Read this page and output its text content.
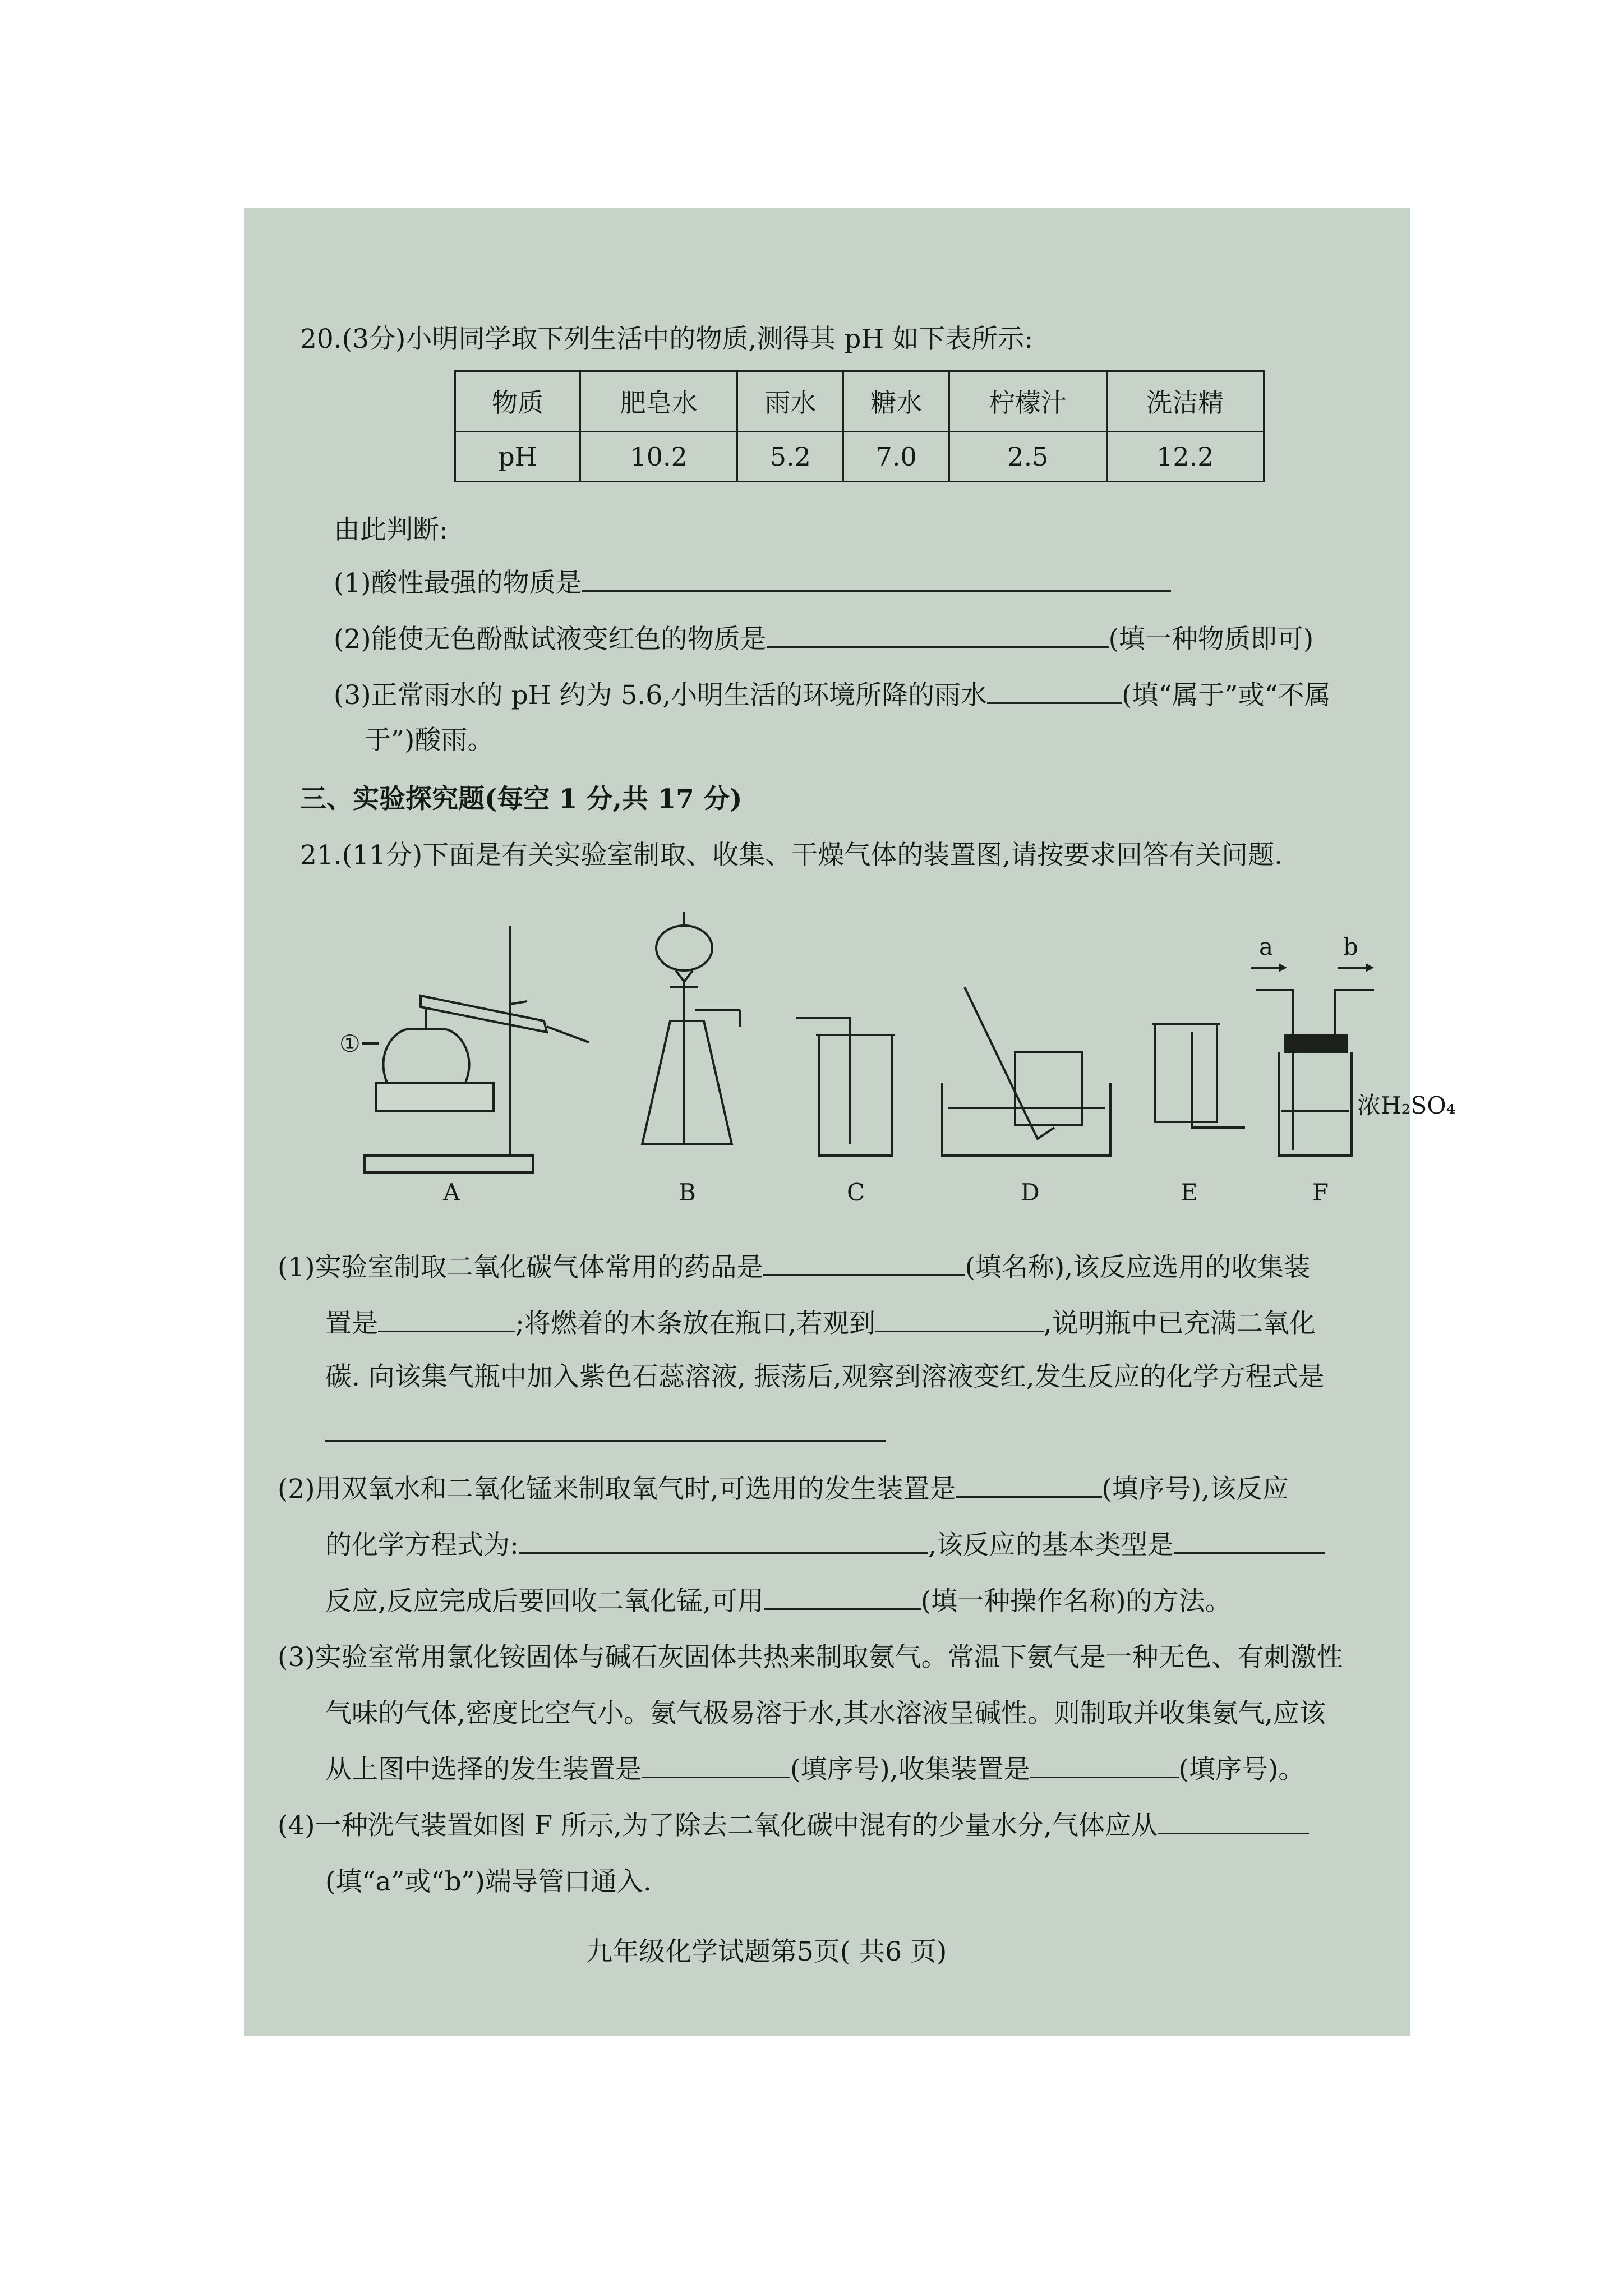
20.(3分)小明同学取下列生活中的物质,测得其 pH 如下表所示:
物质	肥皂水	雨水	糖水	柠檬汁	洗洁精
pH	10.2	5.2	7.0	2.5	12.2
由此判断:
(1)酸性最强的物质是
(2)能使无色酚酞试液变红色的物质是	(填一种物质即可)
(3)正常雨水的 pH 约为 5.6,小明生活的环境所降的雨水	(填“属于”或“不属
于”)酸雨。
三、实验探究题(每空 1 分,共 17 分)
21.(11分)下面是有关实验室制取、收集、干燥气体的装置图,请按要求回答有关问题.
①
a	b
浓H₂SO₄
A	B	C	D	E	F
(1)实验室制取二氧化碳气体常用的药品是	(填名称),该反应选用的收集装
置是	;将燃着的木条放在瓶口,若观到	,说明瓶中已充满二氧化
碳. 向该集气瓶中加入紫色石蕊溶液, 振荡后,观察到溶液变红,发生反应的化学方程式是
(2)用双氧水和二氧化锰来制取氧气时,可选用的发生装置是	(填序号),该反应
的化学方程式为:	,该反应的基本类型是
反应,反应完成后要回收二氧化锰,可用	(填一种操作名称)的方法。
(3)实验室常用氯化铵固体与碱石灰固体共热来制取氨气。常温下氨气是一种无色、有刺激性
气味的气体,密度比空气小。氨气极易溶于水,其水溶液呈碱性。则制取并收集氨气,应该
从上图中选择的发生装置是	(填序号),收集装置是	(填序号)。
(4)一种洗气装置如图 F 所示,为了除去二氧化碳中混有的少量水分,气体应从
(填“a”或“b”)端导管口通入.
九年级化学试题第5页( 共6 页)
